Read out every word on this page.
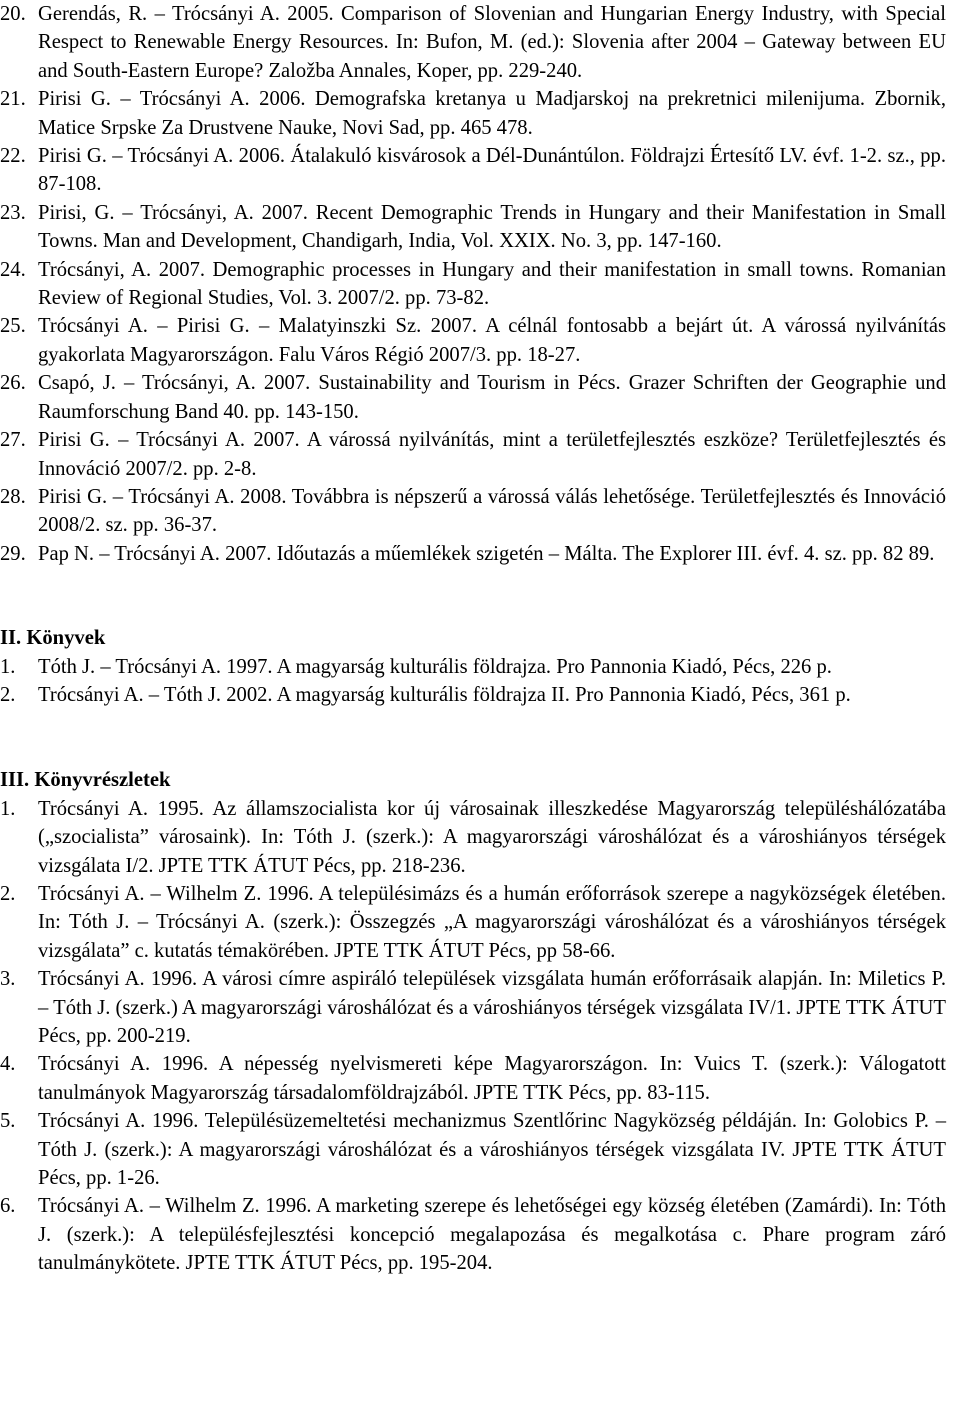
20. Gerendás, R. – Trócsányi A. 2005. Comparison of Slovenian and Hungarian Energy Industry, with Special Respect to Renewable Energy Resources. In: Bufon, M. (ed.): Slovenia after 2004 – Gateway between EU and South-Eastern Europe? Založba Annales, Koper, pp. 229-240.
21. Pirisi G. – Trócsányi A. 2006. Demografska kretanya u Madjarskoj na prekretnici milenijuma. Zbornik, Matice Srpske Za Drustvene Nauke, Novi Sad, pp. 465 478.
22. Pirisi G. – Trócsányi A. 2006. Átalakuló kisvárosok a Dél-Dunántúlon. Földrajzi Értesítő LV. évf. 1-2. sz., pp. 87-108.
23. Pirisi, G. – Trócsányi, A. 2007. Recent Demographic Trends in Hungary and their Manifestation in Small Towns. Man and Development, Chandigarh, India, Vol. XXIX. No. 3, pp. 147-160.
24. Trócsányi, A. 2007. Demographic processes in Hungary and their manifestation in small towns. Romanian Review of Regional Studies, Vol. 3. 2007/2. pp. 73-82.
25. Trócsányi A. – Pirisi G. – Malatyinszki Sz. 2007. A célnál fontosabb a bejárt út. A várossá nyilvánítás gyakorlata Magyarországon. Falu Város Régió 2007/3. pp. 18-27.
26. Csapó, J. – Trócsányi, A. 2007. Sustainability and Tourism in Pécs. Grazer Schriften der Geographie und Raumforschung Band 40. pp. 143-150.
27. Pirisi G. – Trócsányi A. 2007. A várossá nyilvánítás, mint a területfejlesztés eszköze? Területfejlesztés és Innováció 2007/2. pp. 2-8.
28. Pirisi G. – Trócsányi A. 2008. Továbbra is népszerű a várossá válás lehetősége. Területfejlesztés és Innováció 2008/2. sz. pp. 36-37.
29. Pap N. – Trócsányi A. 2007. Időutazás a műemlékek szigetén – Málta. The Explorer III. évf. 4. sz. pp. 82 89.
II. Könyvek
1.	Tóth J. – Trócsányi A. 1997. A magyarság kulturális földrajza. Pro Pannonia Kiadó, Pécs, 226 p.
2.	Trócsányi A. – Tóth J. 2002. A magyarság kulturális földrajza II. Pro Pannonia Kiadó, Pécs, 361 p.
III. Könyvrészletek
1.	Trócsányi A. 1995. Az államszocialista kor új városainak illeszkedése Magyarország településhálózatába („szocialista” városaink). In: Tóth J. (szerk.): A magyarországi városhálózat és a városhiányos térségek vizsgálata I/2. JPTE TTK ÁTUT Pécs, pp. 218-236.
2.	Trócsányi A. – Wilhelm Z. 1996. A településimázs és a humán erőforrások szerepe a nagyközségek életében. In: Tóth J. – Trócsányi A. (szerk.): Összegzés „A magyarországi városhálózat és a városhiányos térségek vizsgálata” c. kutatás témakörében. JPTE TTK ÁTUT Pécs, pp 58-66.
3.	Trócsányi A. 1996. A városi címre aspiráló települések vizsgálata humán erőforrásaik alapján. In: Miletics P. – Tóth J. (szerk.) A magyarországi városhálózat és a városhiányos térségek vizsgálata IV/1. JPTE TTK ÁTUT Pécs, pp. 200-219.
4.	Trócsányi A. 1996. A népesség nyelvismereti képe Magyarországon. In: Vuics T. (szerk.): Válogatott tanulmányok Magyarország társadalomföldrajzából. JPTE TTK Pécs, pp. 83-115.
5.	Trócsányi A. 1996. Településüzemeltetési mechanizmus Szentlőrinc Nagyközség példáján. In: Golobics P. – Tóth J. (szerk.): A magyarországi városhálózat és a városhiányos térségek vizsgálata IV. JPTE TTK ÁTUT Pécs, pp. 1-26.
6.	Trócsányi A. – Wilhelm Z. 1996. A marketing szerepe és lehetőségei egy község életében (Zamárdi). In: Tóth J. (szerk.): A településfejlesztési koncepció megalapozása és megalkotása c. Phare program záró tanulmánykötete. JPTE TTK ÁTUT Pécs, pp. 195-204.
